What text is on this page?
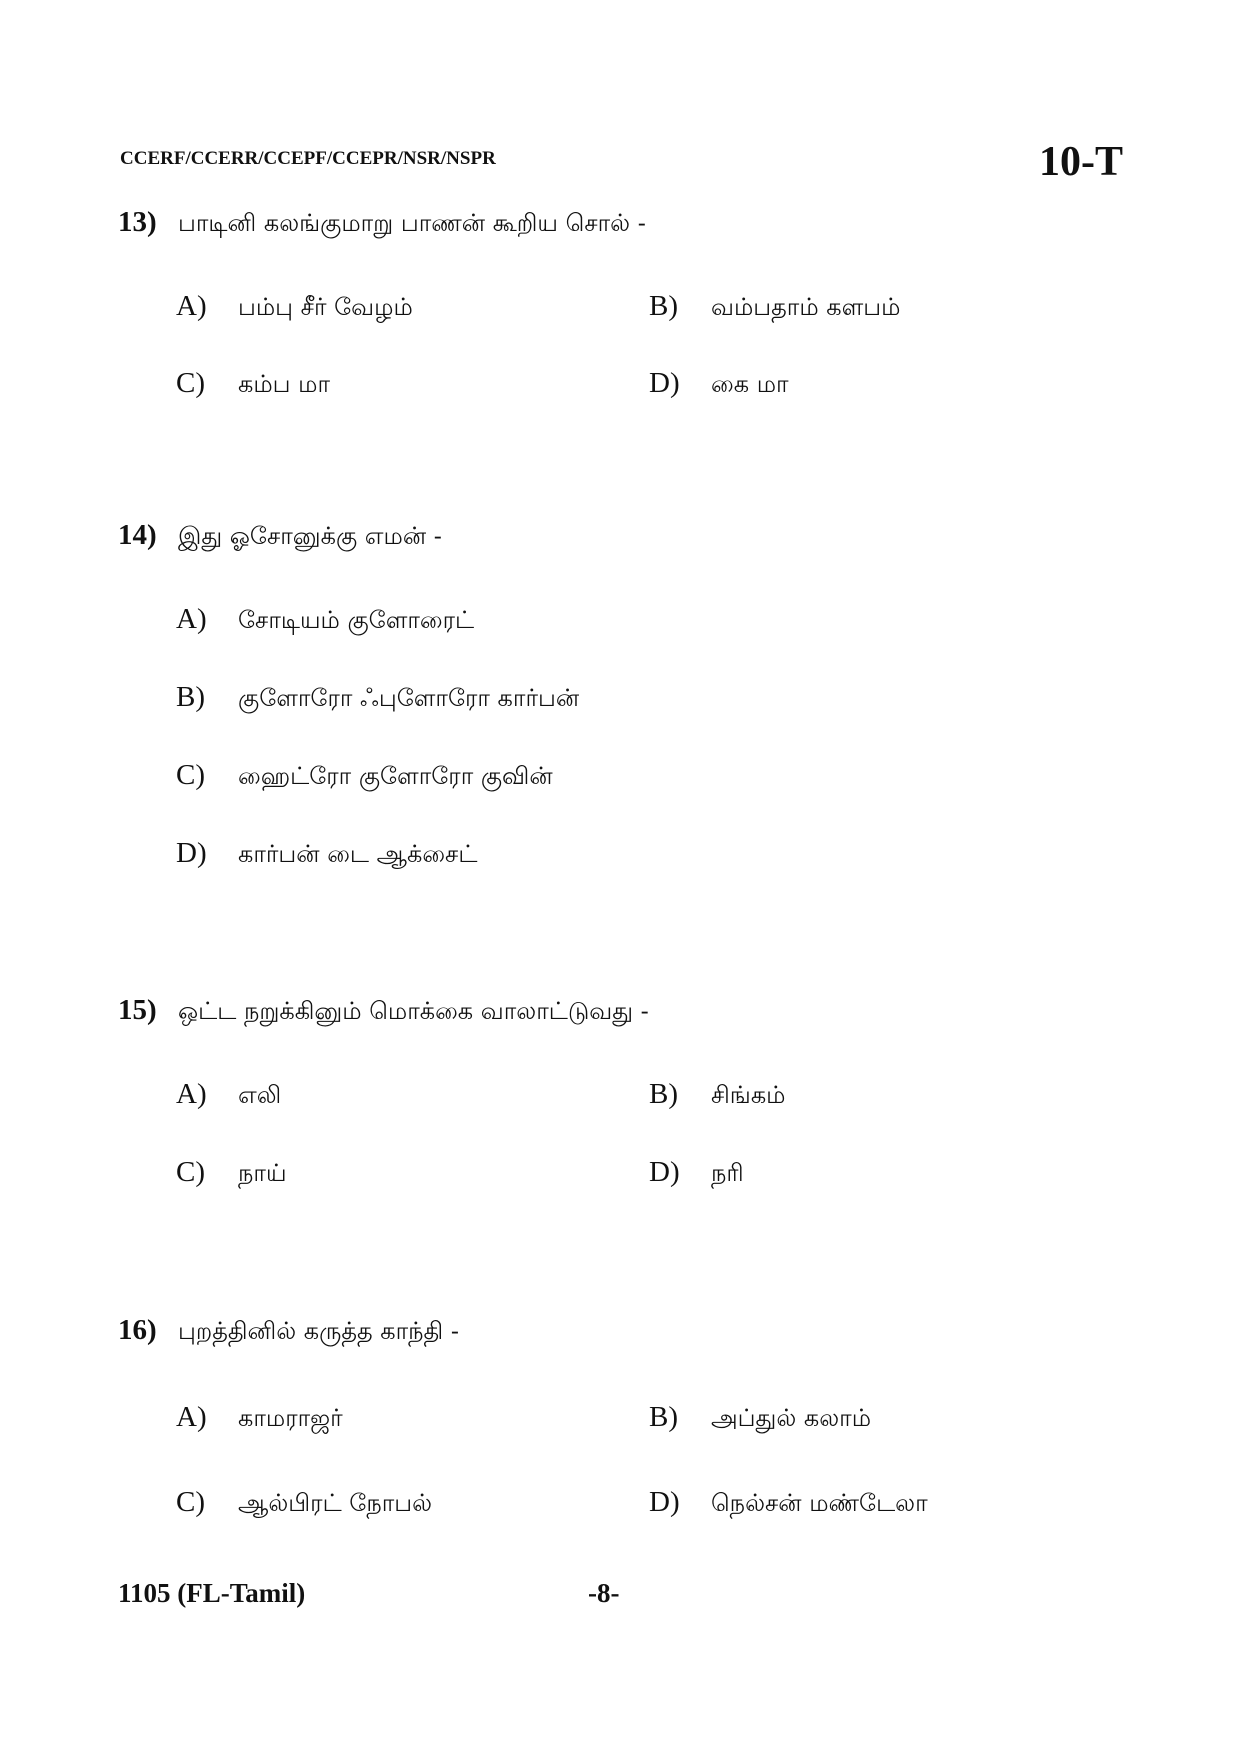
CCERF/CCERR/CCEPF/CCEPR/NSR/NSPR	10-T
13) பாடினி கலங்குமாறு பாணன் கூறிய சொல் -
A)	பம்பு சீர் வேழம்	B)	வம்பதாம் களபம்
C)	கம்ப மா	D)	கை மா
14) இது ஓசோனுக்கு எமன் -
A)	சோடியம் குளோரைட்
B)	குளோரோ ஃபுளோரோ கார்பன்
C)	ஹைட்ரோ குளோரோ குவின்
D)	கார்பன் டை ஆக்சைட்
15) ஒட்ட நறுக்கினும் மொக்கை வாலாட்டுவது -
A)	எலி	B)	சிங்கம்
C)	நாய்	D)	நரி
16) புறத்தினில் கருத்த காந்தி -
A)	காமராஜர்	B)	அப்துல் கலாம்
C)	ஆல்பிரட் நோபல்	D)	நெல்சன் மண்டேலா
1105 (FL-Tamil)	-8-
